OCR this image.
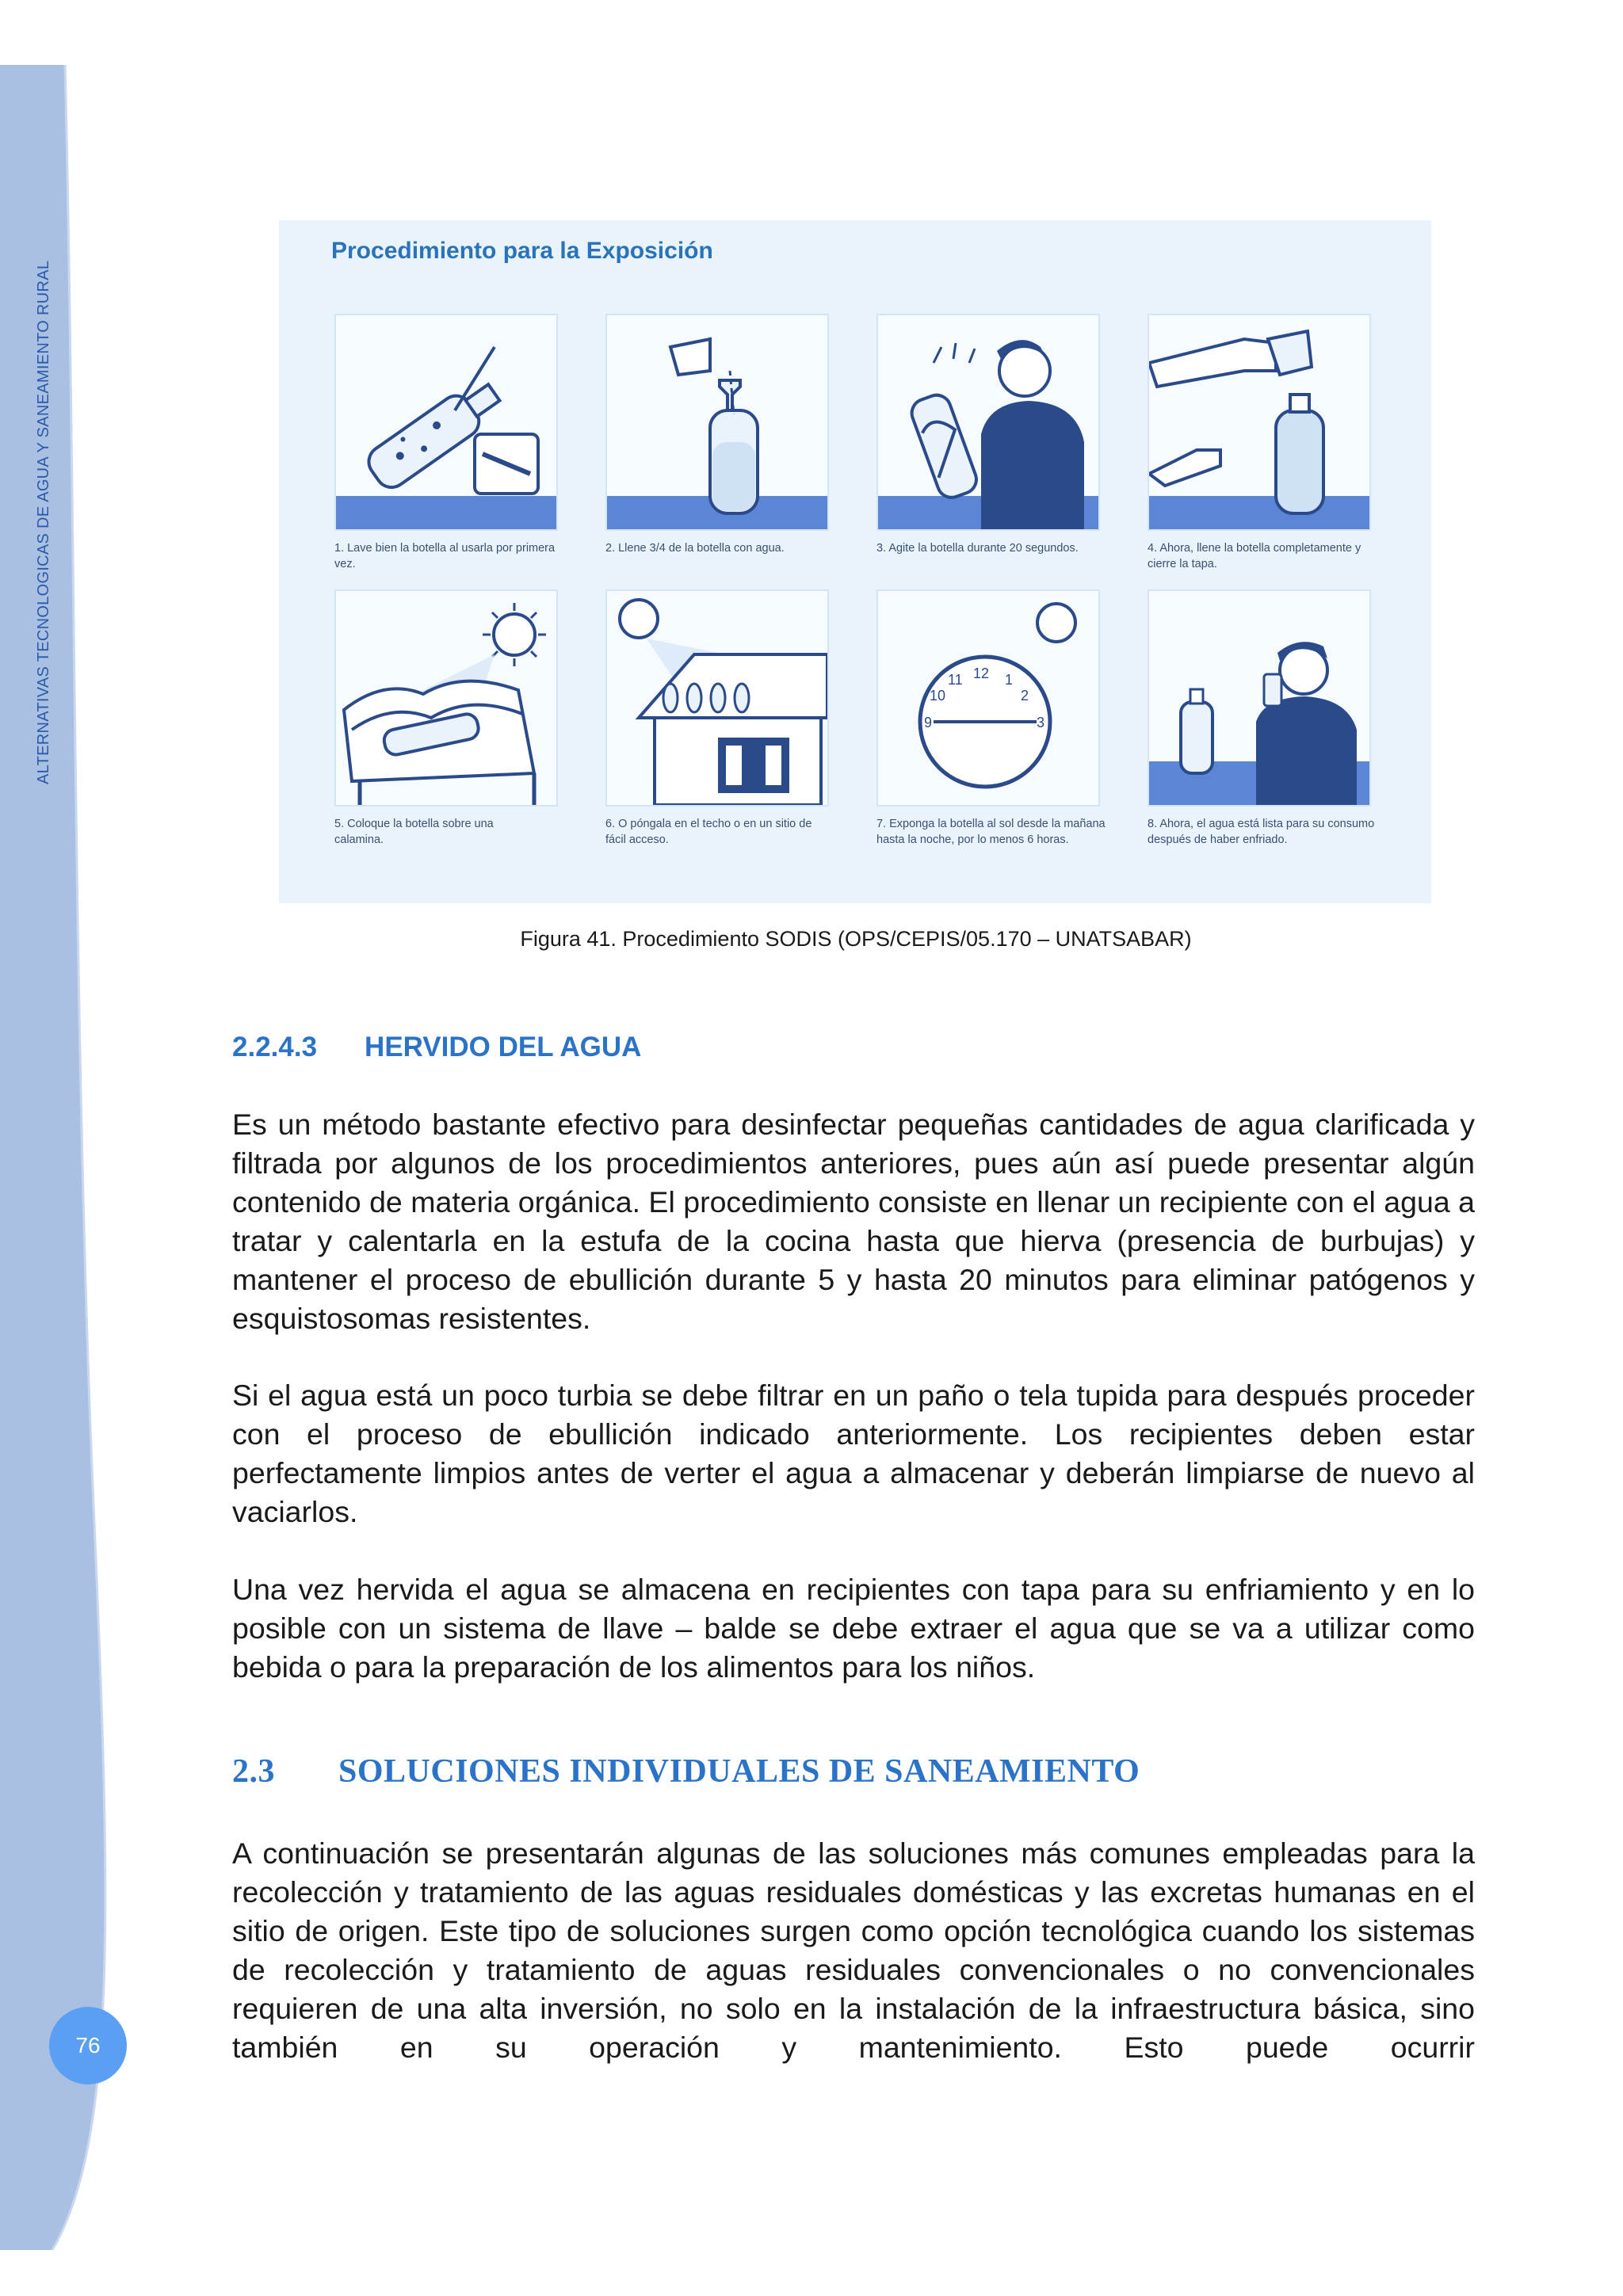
ALTERNATIVAS TECNOLOGICAS DE AGUA Y SANEAMIENTO RURAL
76
Procedimiento para la Exposición
1. Lave bien la botella al usarla por primera vez.
2. Llene 3/4 de la botella con agua.	3. Agite la botella durante 20 segundos.	4. Ahora, llene la botella completamente y cierre la tapa.
12
11	1
10	2
9	3
5. Coloque la botella sobre una calamina.
6. O póngala en el techo o en un sitio de fácil acceso.
7. Exponga la botella al sol desde la mañana hasta la noche, por lo menos 6 horas.
8. Ahora, el agua está lista para su consumo después de haber enfriado.
Figura 41. Procedimiento SODIS (OPS/CEPIS/05.170 – UNATSABAR)
2.2.4.3 HERVIDO DEL AGUA

Es un método bastante efectivo para desinfectar pequeñas cantidades de agua clarificada y filtrada por algunos de los procedimientos anteriores, pues aún así puede presentar algún contenido de materia orgánica. El procedimiento consiste en llenar un recipiente con el agua a tratar y calentarla en la estufa de la cocina hasta que hierva (presencia de burbujas) y mantener el proceso de ebullición durante 5 y hasta 20 minutos para eliminar patógenos y esquistosomas resistentes.

Si el agua está un poco turbia se debe filtrar en un paño o tela tupida para después proceder con el proceso de ebullición indicado anteriormente. Los recipientes deben estar perfectamente limpios antes de verter el agua a almacenar y deberán limpiarse de nuevo al vaciarlos.

Una vez hervida el agua se almacena en recipientes con tapa para su enfriamiento y en lo posible con un sistema de llave – balde se debe extraer el agua que se va a utilizar como bebida o para la preparación de los alimentos para los niños.

2.3 SOLUCIONES INDIVIDUALES DE SANEAMIENTO

A continuación se presentarán algunas de las soluciones más comunes empleadas para la recolección y tratamiento de las aguas residuales domésticas y las excretas humanas en el sitio de origen. Este tipo de soluciones surgen como opción tecnológica cuando los sistemas de recolección y tratamiento de aguas residuales convencionales o no convencionales requieren de una alta inversión, no solo en la instalación de la infraestructura básica, sino también en su operación y mantenimiento. Esto puede ocurrir
